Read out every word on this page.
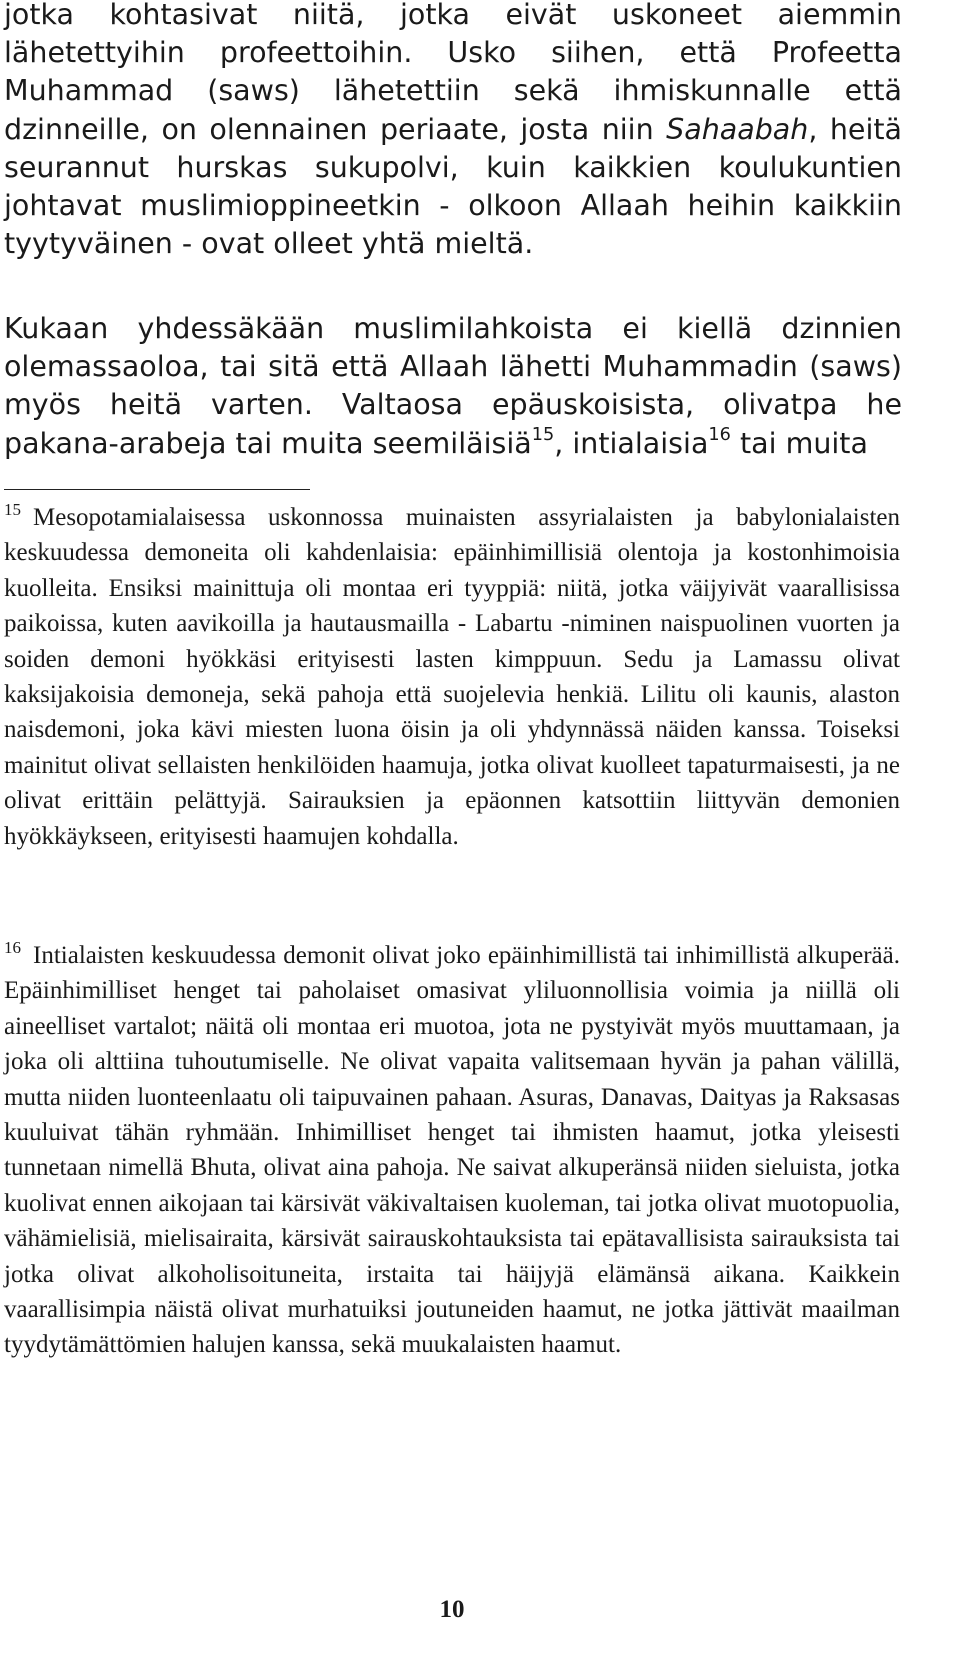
jotka kohtasivat niitä, jotka eivät uskoneet aiemmin lähetettyihin profeettoihin. Usko siihen, että Profeetta Muhammad (saws) lähetettiin sekä ihmiskunnalle että dzinneille, on olennainen periaate, josta niin Sahaabah, heitä seurannut hurskas sukupolvi, kuin kaikkien koulukuntien johtavat muslimioppineetkin - olkoon Allaah heihin kaikkiin tyytyväinen - ovat olleet yhtä mieltä.

Kukaan yhdessäkään muslimilahkoista ei kiellä dzinnien olemassaoloa, tai sitä että Allaah lähetti Muhammadin (saws) myös heitä varten. Valtaosa epäuskoisista, olivatpa he pakana-arabeja tai muita seemiläisiä$^{15}$, intialaisia$^{16}$ tai muita

$^{15}$ Mesopotamialaisessa uskonnossa muinaisten assyrialaisten ja babylonialaisten keskuudessa demoneita oli kahdenlaisia: epäinhimillisiä olentoja ja kostonhimoisia kuolleita. Ensiksi mainittuja oli montaa eri tyyppiä: niitä, jotka väijyivät vaarallisissa paikoissa, kuten aavikoilla ja hautausmailla - Labartu -niminen naispuolinen vuorten ja soiden demoni hyökkäsi erityisesti lasten kimppuun. Sedu ja Lamassu olivat kaksijakoisia demoneja, sekä pahoja että suojelevia henkiä. Lilitu oli kaunis, alaston naisdemoni, joka kävi miesten luona öisin ja oli yhdynnässä näiden kanssa. Toiseksi mainitut olivat sellaisten henkilöiden haamuja, jotka olivat kuolleet tapaturmaisesti, ja ne olivat erittäin pelättyjä. Sairauksien ja epäonnen katsottiin liittyvän demonien hyökkäykseen, erityisesti haamujen kohdalla.

$^{16}$ Intialaisten keskuudessa demonit olivat joko epäinhimillistä tai inhimillistä alkuperää. Epäinhimilliset henget tai paholaiset omasivat yliluonnollisia voimia ja niillä oli aineelliset vartalot; näitä oli montaa eri muotoa, jota ne pystyivät myös muuttamaan, ja joka oli alttiina tuhoutumiselle. Ne olivat vapaita valitsemaan hyvän ja pahan välillä, mutta niiden luonteenlaatu oli taipuvainen pahaan. Asuras, Danavas, Daityas ja Raksasas kuuluivat tähän ryhmään. Inhimilliset henget tai ihmisten haamut, jotka yleisesti tunnetaan nimellä Bhuta, olivat aina pahoja. Ne saivat alkuperänsä niiden sieluista, jotka kuolivat ennen aikojaan tai kärsivät väkivaltaisen kuoleman, tai jotka olivat muotopuolia, vähämielisiä, mielisairaita, kärsivät sairauskohtauksista tai epätavallisista sairauksista tai jotka olivat alkoholisoituneita, irstaita tai häijyjä elämänsä aikana. Kaikkein vaarallisimpia näistä olivat murhatuiksi joutuneiden haamut, ne jotka jättivät maailman tyydytämättömien halujen kanssa, sekä muukalaisten haamut.

10
